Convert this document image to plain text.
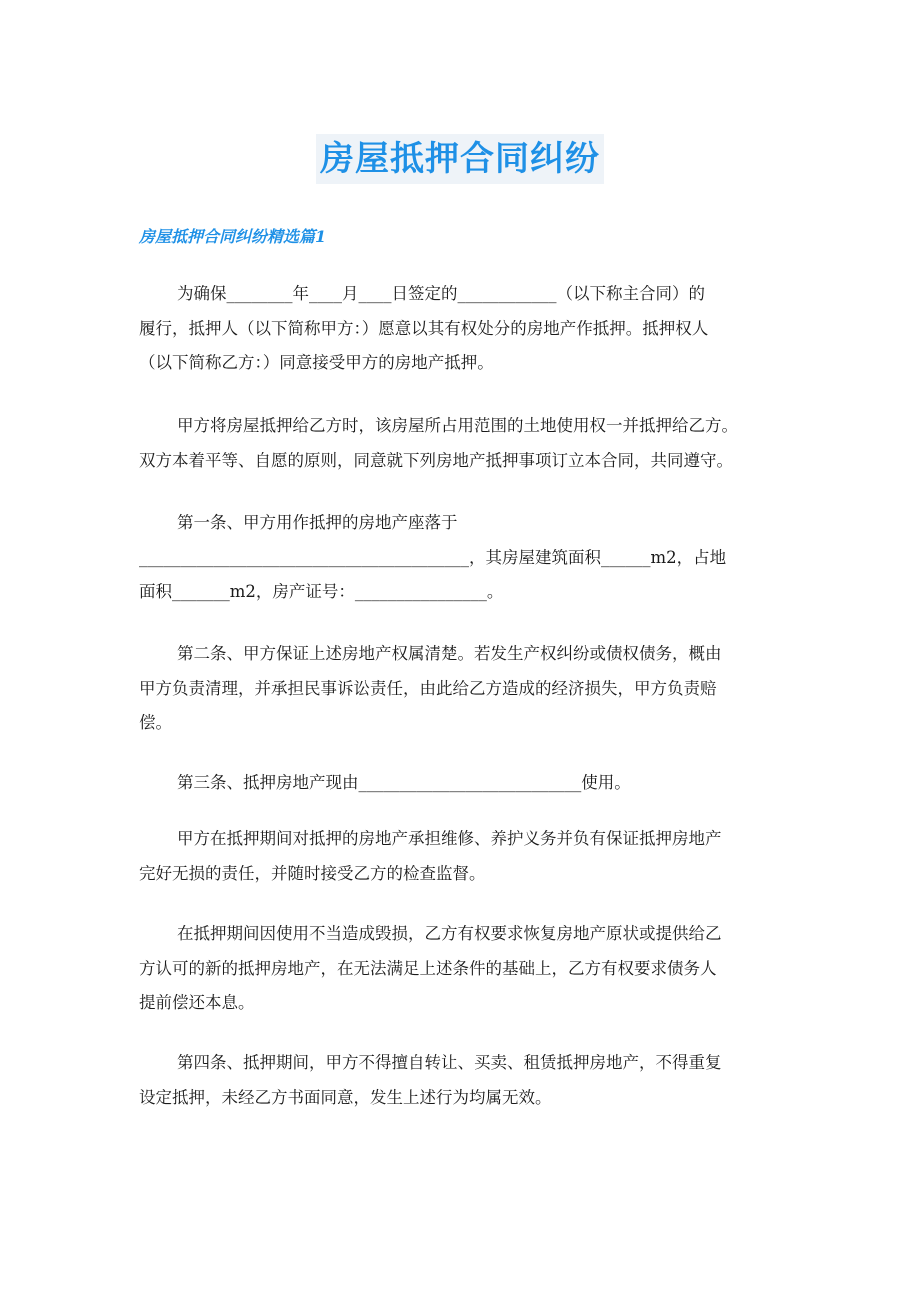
房屋抵押合同纠纷
房屋抵押合同纠纷精选篇1

为确保________年____月____日签定的____________（以下称主合同）的
履行，抵押人（以下简称甲方：）愿意以其有权处分的房地产作抵押。抵押权人
（以下简称乙方：）同意接受甲方的房地产抵押。

甲方将房屋抵押给乙方时，该房屋所占用范围的土地使用权一并抵押给乙方。
双方本着平等、自愿的原则，同意就下列房地产抵押事项订立本合同，共同遵守。

第一条、甲方用作抵押的房地产座落于
________________________________________，其房屋建筑面积______m2，占地
面积_______m2，房产证号：________________。

第二条、甲方保证上述房地产权属清楚。若发生产权纠纷或债权债务，概由
甲方负责清理，并承担民事诉讼责任，由此给乙方造成的经济损失，甲方负责赔
偿。

第三条、抵押房地产现由___________________________使用。

甲方在抵押期间对抵押的房地产承担维修、养护义务并负有保证抵押房地产
完好无损的责任，并随时接受乙方的检查监督。

在抵押期间因使用不当造成毁损，乙方有权要求恢复房地产原状或提供给乙
方认可的新的抵押房地产，在无法满足上述条件的基础上，乙方有权要求债务人
提前偿还本息。

第四条、抵押期间，甲方不得擅自转让、买卖、租赁抵押房地产，不得重复
设定抵押，未经乙方书面同意，发生上述行为均属无效。
